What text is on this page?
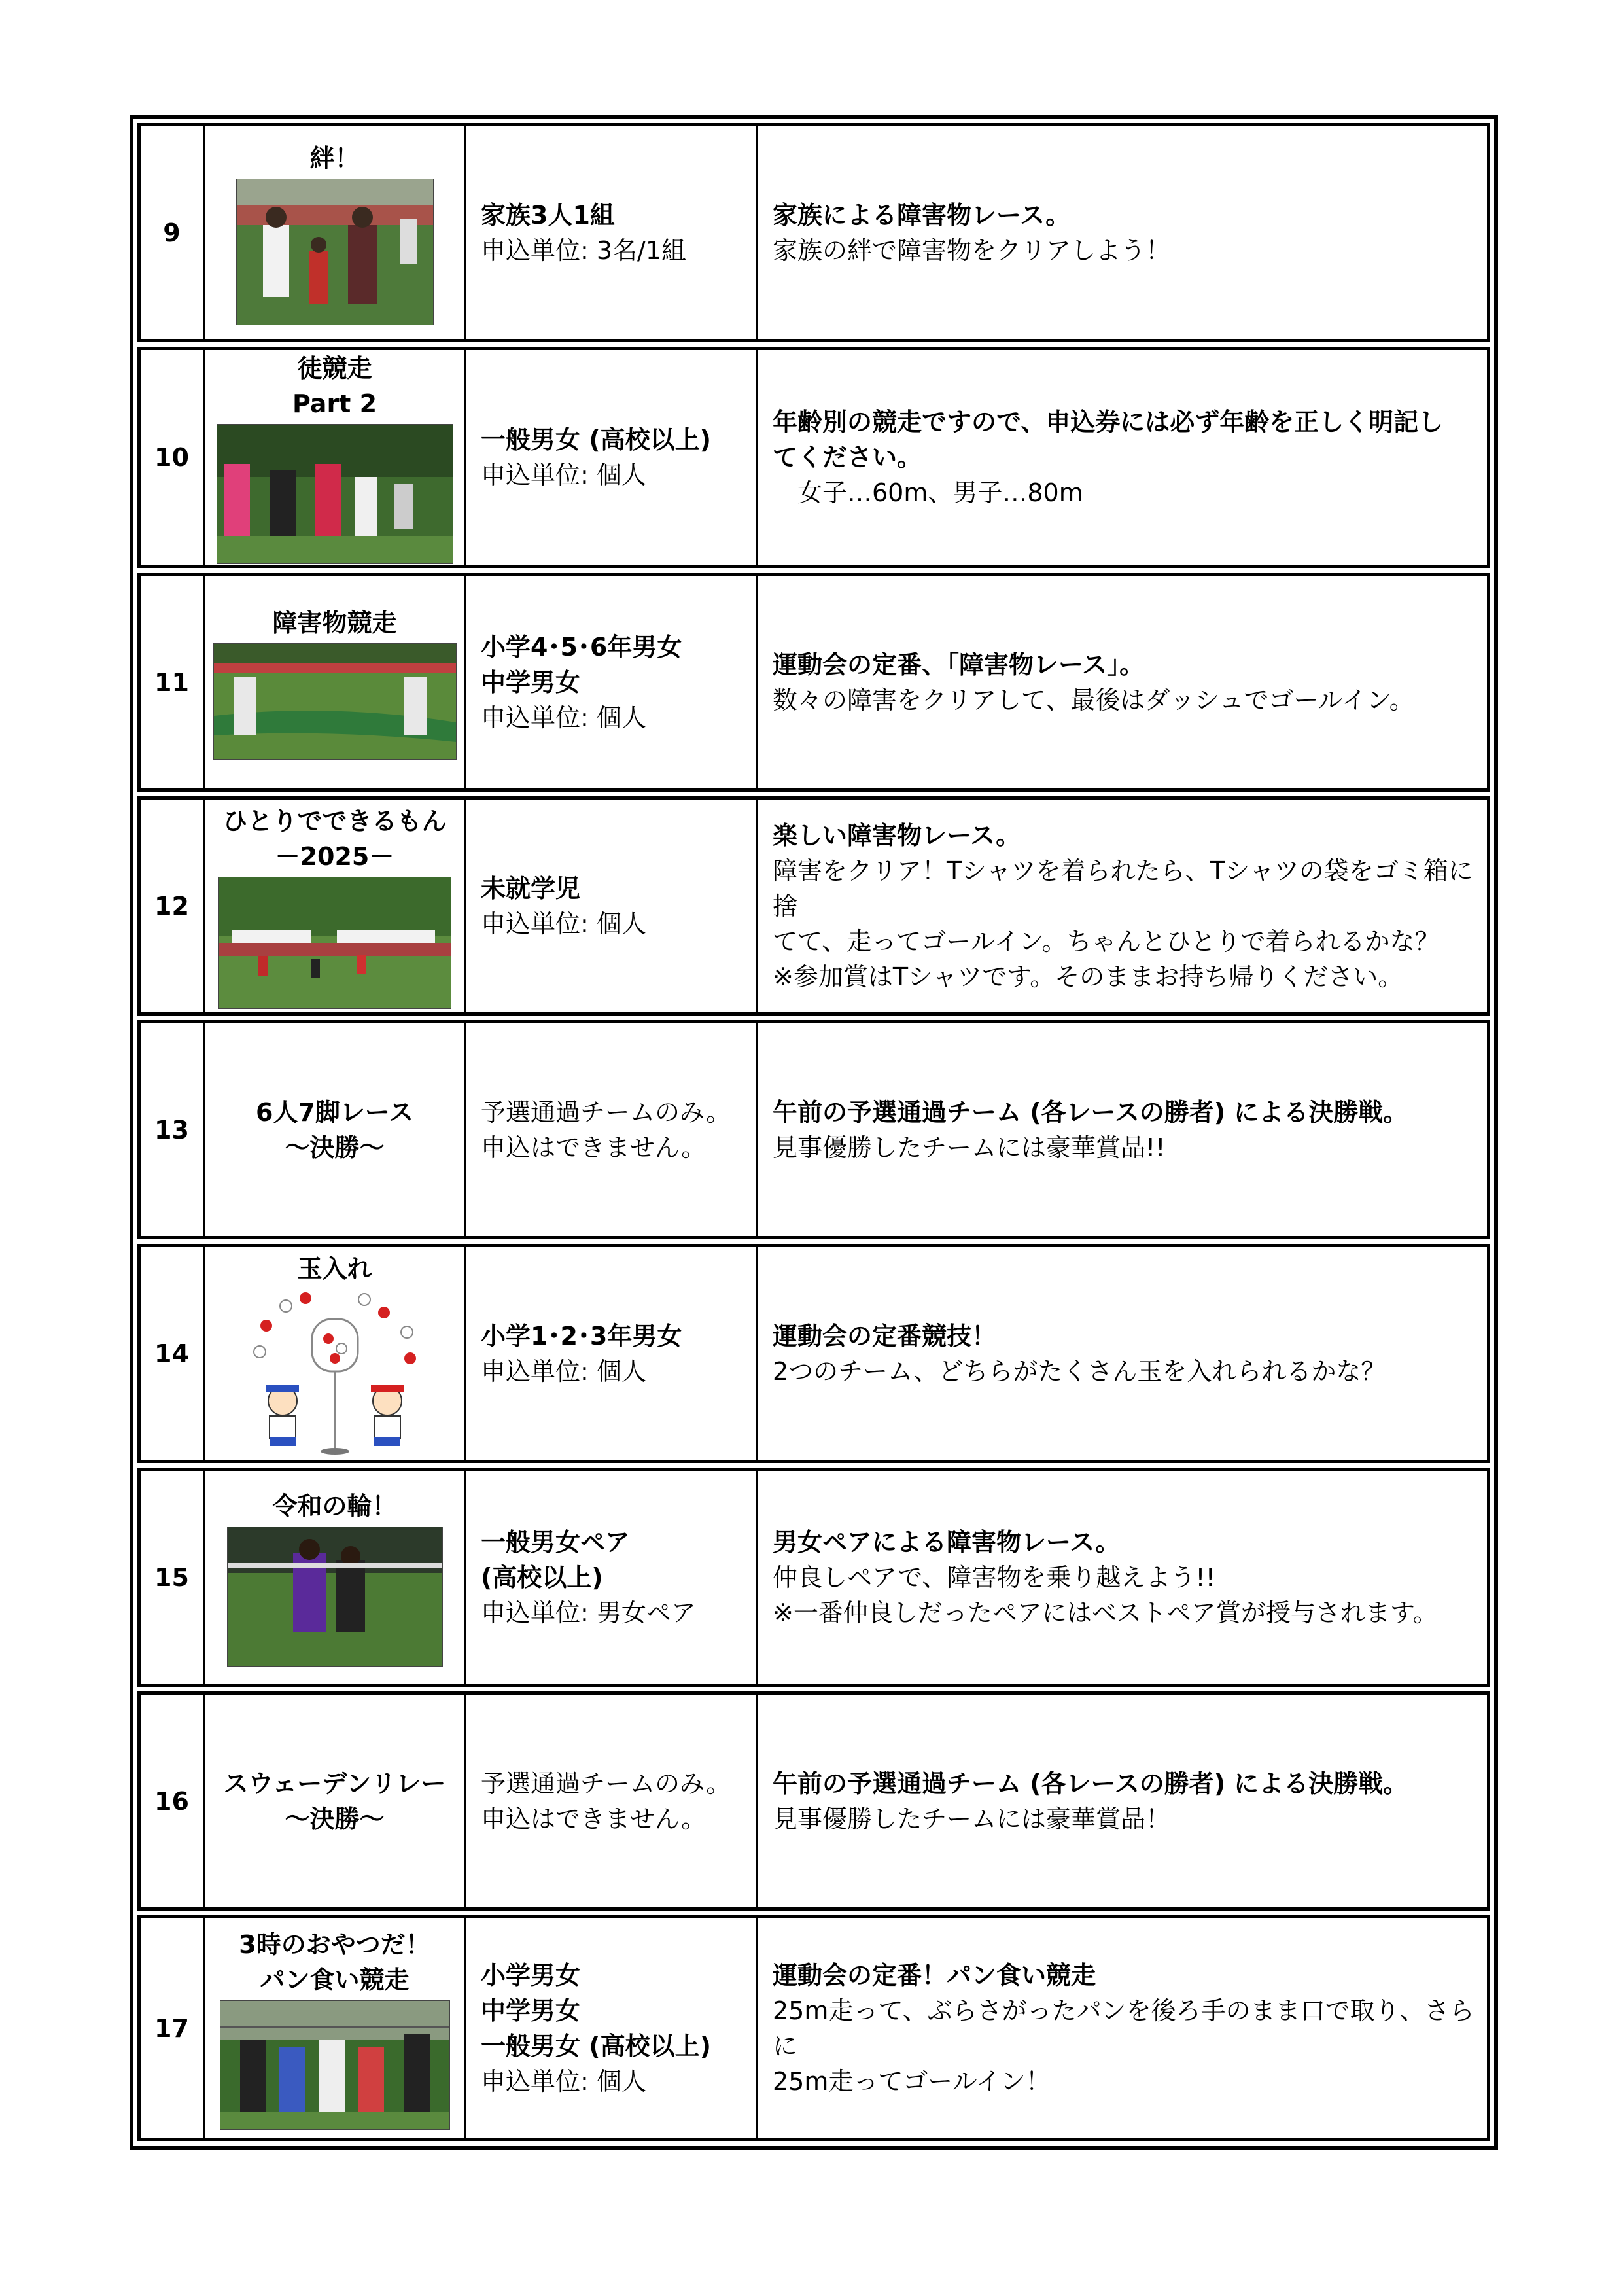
9
絆！
家族3人1組
申込単位: 3名/1組
家族による障害物レース。
家族の絆で障害物をクリアしよう！
10
徒競走
Part 2
一般男女 (高校以上)
申込単位: 個人
年齢別の競走ですので、申込券には必ず年齢を正しく明記し
てください。
　女子…60m、男子…80m
11
障害物競走
小学4･5･6年男女
中学男女
申込単位: 個人
運動会の定番、「障害物レース」。
数々の障害をクリアして、最後はダッシュでゴールイン。
12
ひとりでできるもん
－2025－
未就学児
申込単位: 個人
楽しい障害物レース。
障害をクリア！Tシャツを着られたら、Tシャツの袋をゴミ箱に捨
てて、走ってゴールイン。ちゃんとひとりで着られるかな？
※参加賞はTシャツです。そのままお持ち帰りください。
13
6人7脚レース
～決勝～
予選通過チームのみ。
申込はできません。
午前の予選通過チーム (各レースの勝者) による決勝戦。
見事優勝したチームには豪華賞品!!
14
玉入れ
小学1･2･3年男女
申込単位: 個人
運動会の定番競技！
2つのチーム、どちらがたくさん玉を入れられるかな？
15
令和の輪！
一般男女ペア
(高校以上)
申込単位: 男女ペア
男女ペアによる障害物レース。
仲良しペアで、障害物を乗り越えよう!!
※一番仲良しだったペアにはベストペア賞が授与されます。
16
スウェーデンリレー
～決勝～
予選通過チームのみ。
申込はできません。
午前の予選通過チーム (各レースの勝者) による決勝戦。
見事優勝したチームには豪華賞品！
17
3時のおやつだ！
パン食い競走	小学男女
中学男女
一般男女 (高校以上)
申込単位: 個人
運動会の定番！パン食い競走
25m走って、ぶらさがったパンを後ろ手のまま口で取り、さらに
25m走ってゴールイン！
